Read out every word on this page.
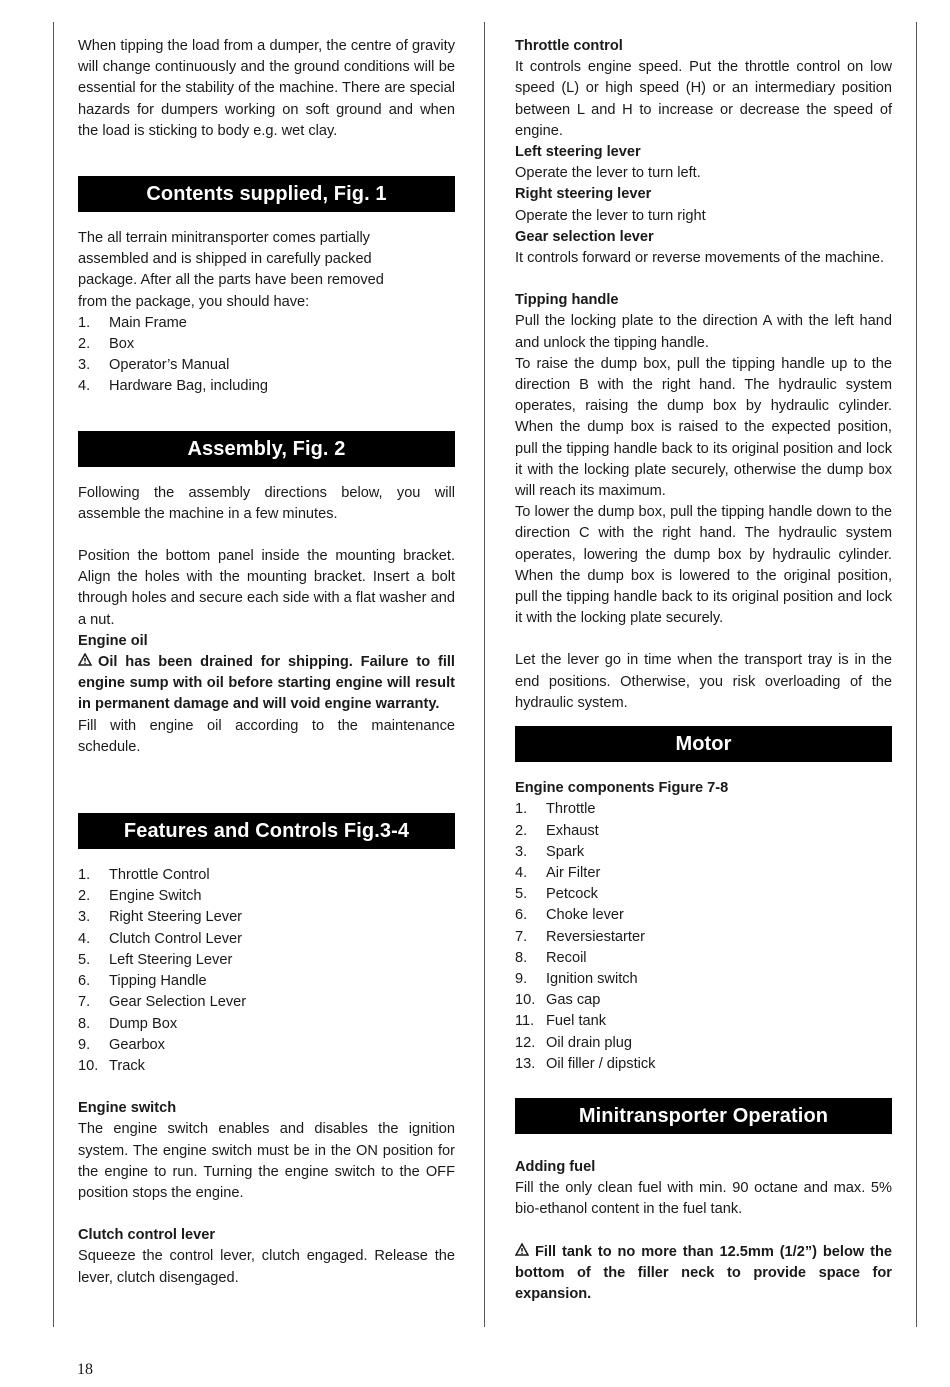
When tipping the load from a dumper, the centre of gravity will change continuously and the ground conditions will be essential for the stability of the machine. There are special hazards for dumpers working on soft ground and when the load is sticking to body e.g. wet clay.

Contents supplied, Fig. 1

The all terrain minitransporter comes partially assembled and is shipped in carefully packed package. After all the parts have been removed from the package, you should have:

1.	Main Frame
2.	Box
3.	Operator’s Manual
4.	Hardware Bag, including
Assembly, Fig. 2

Following the assembly directions below, you will assemble the machine in a few minutes.

Position the bottom panel inside the mounting bracket. Align the holes with the mounting bracket. Insert a bolt through holes and secure each side with a flat washer and a nut.

Engine oil

Oil has been drained for shipping. Failure to fill engine sump with oil before starting engine will result in permanent damage and will void engine warranty.

Fill with engine oil according to the maintenance schedule.

Features and Controls Fig.3-4
1.	Throttle Control
2.	Engine Switch
3.	Right Steering Lever
4.	Clutch Control Lever
5.	Left Steering Lever
6.	Tipping Handle
7.	Gear Selection Lever
8.	Dump Box
9.	Gearbox
10. Track

Engine switch

The engine switch enables and disables the ignition system. The engine switch must be in the ON position for the engine to run. Turning the engine switch to the OFF position stops the engine.

Clutch control lever

Squeeze the control lever, clutch engaged. Release the lever, clutch disengaged.

Throttle control

It controls engine speed. Put the throttle control on low speed (L) or high speed (H) or an intermediary position between L and H to increase or decrease the speed of engine.

Left steering lever

Operate the lever to turn left.

Right steering lever

Operate the lever to turn right

Gear selection lever

It controls forward or reverse movements of the machine.

Tipping handle

Pull the locking plate to the direction A with the left hand and unlock the tipping handle.

To raise the dump box, pull the tipping handle up to the direction B with the right hand. The hydraulic system operates, raising the dump box by hydraulic cylinder. When the dump box is raised to the expected position, pull the tipping handle back to its original position and lock it with the locking plate securely, otherwise the dump box will reach its maximum.

To lower the dump box, pull the tipping handle down to the direction C with the right hand. The hydraulic system operates, lowering the dump box by hydraulic cylinder. When the dump box is lowered to the original position, pull the tipping handle back to its original position and lock it with the locking plate securely.

Let the lever go in time when the transport tray is in the end positions. Otherwise, you risk overloading of the hydraulic system.

Motor

Engine components Figure 7-8

1.	Throttle
2.	Exhaust
3.	Spark
4.	Air Filter
5.	Petcock
6.	Choke lever
7.	Reversiestarter
8.	Recoil
9.	Ignition switch
10. Gas cap
11. Fuel tank
12. Oil drain plug
13. Oil filler / dipstick
Minitransporter Operation

Adding fuel

Fill the only clean fuel with min. 90 octane and max. 5% bio-ethanol content in the fuel tank.

Fill tank to no more than 12.5mm (1/2”) below the bottom of the filler neck to provide space for expansion.

18
